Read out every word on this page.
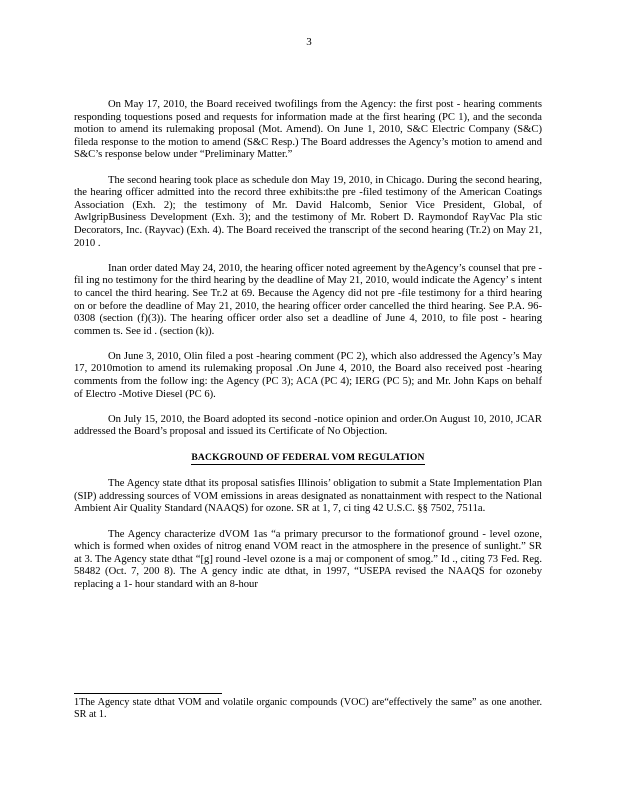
3

On May 17, 2010, the Board received twofilings from the Agency: the first post - hearing comments responding toquestions posed and requests for information made at the first hearing (PC 1), and the seconda motion to amend its rulemaking proposal (Mot. Amend). On June 1, 2010, S&C Electric Company (S&C) fileda response to the motion to amend (S&C Resp.) The Board addresses the Agency’s motion to amend and S&C’s response below under “Preliminary Matter.”

The second hearing took place as schedule don May 19, 2010, in Chicago. During the second hearing, the hearing officer admitted into the record three exhibits:the pre -filed testimony of the American Coatings Association (Exh. 2); the testimony of Mr. David Halcomb, Senior Vice President, Global, of AwlgripBusiness Development (Exh. 3); and the testimony of Mr. Robert D. Raymondof RayVac Pla stic Decorators, Inc. (Rayvac) (Exh. 4). The Board received the transcript of the second hearing (Tr.2) on May 21, 2010 .

Inan order dated May 24, 2010, the hearing officer noted agreement by theAgency’s counsel that pre - fil ing no testimony for the third hearing by the deadline of May 21, 2010, would indicate the Agency’ s intent to cancel the third hearing. See Tr.2 at 69. Because the Agency did not pre -file testimony for a third hearing on or before the deadline of May 21, 2010, the hearing officer order cancelled the third hearing. See P.A. 96-0308 (section (f)(3)). The hearing officer order also set a deadline of June 4, 2010, to file post - hearing commen ts. See id . (section (k)).

On June 3, 2010, Olin filed a post -hearing comment (PC 2), which also addressed the Agency’s May 17, 2010motion to amend its rulemaking proposal .On June 4, 2010, the Board also received post -hearing comments from the follow ing: the Agency (PC 3); ACA (PC 4); IERG (PC 5); and Mr. John Kaps on behalf of Electro -Motive Diesel (PC 6).

On July 15, 2010, the Board adopted its second -notice opinion and order.On August 10, 2010, JCAR addressed the Board’s proposal and issued its Certificate of No Objection.

BACKGROUND OF FEDERAL VOM REGULATION

The Agency state dthat its proposal satisfies Illinois’ obligation to submit a State Implementation Plan (SIP) addressing sources of VOM emissions in areas designated as nonattainment with respect to the National Ambient Air Quality Standard (NAAQS) for ozone. SR at 1, 7, ci ting 42 U.S.C. §§ 7502, 7511a.

The Agency characterize dVOM 1as “a primary precursor to the formationof ground - level ozone, which is formed when oxides of nitrog enand VOM react in the atmosphere in the presence of sunlight.” SR at 3. The Agency state dthat “[g] round -level ozone is a maj or component of smog.” Id ., citing 73 Fed. Reg. 58482 (Oct. 7, 200 8). The A gency indic ate dthat, in 1997, “USEPA revised the NAAQS for ozoneby replacing a 1- hour standard with an 8-hour

1The Agency state dthat VOM and volatile organic compounds (VOC) are“effectively the same” as one another. SR at 1.
